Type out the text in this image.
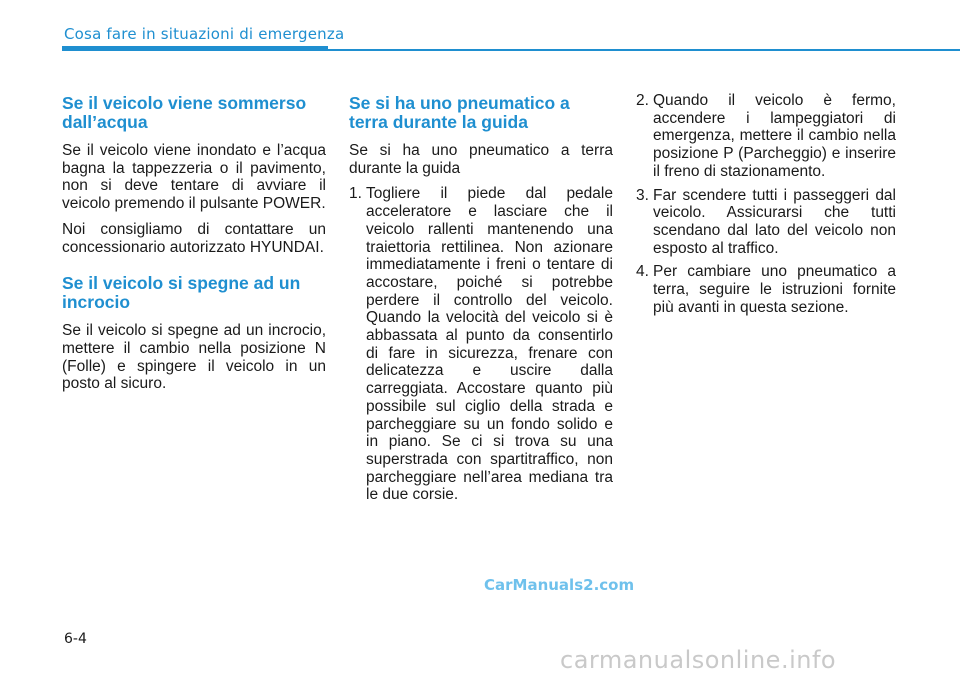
Cosa fare in situazioni di emergenza
Se il veicolo viene sommerso dall’acqua

Se il veicolo viene inondato e l’acqua bagna la tappezzeria o il pavimento, non si deve tentare di avviare il veicolo premendo il pulsante POWER.

Noi consigliamo di contattare un concessionario autorizzato HYUNDAI.

Se il veicolo si spegne ad un incrocio

Se il veicolo si spegne ad un incrocio, mettere il cambio nella posizione N (Folle) e spingere il veicolo in un posto al sicuro.

Se si ha uno pneumatico a terra durante la guida

Se si ha uno pneumatico a terra durante la guida

1. Togliere il piede dal pedale acceleratore e lasciare che il veicolo rallenti mantenendo una traiettoria rettilinea. Non azionare immediatamente i freni o tentare di accostare, poiché si potrebbe perdere il controllo del veicolo. Quando la velocità del veicolo si è abbassata al punto da consentirlo di fare in sicurezza, frenare con delicatezza e uscire dalla carreggiata. Accostare quanto più possibile sul ciglio della strada e parcheggiare su un fondo solido e in piano. Se ci si trova su una superstrada con spartitraffico, non parcheggiare nell’area mediana tra le due corsie.
2. Quando il veicolo è fermo, accendere i lampeggiatori di emergenza, mettere il cambio nella posizione P (Parcheggio) e inserire il freno di stazionamento.
3. Far scendere tutti i passeggeri dal veicolo. Assicurarsi che tutti scendano dal lato del veicolo non esposto al traffico.
4. Per cambiare uno pneumatico a terra, seguire le istruzioni fornite più avanti in questa sezione.
CarManuals2.com
6-4
carmanualsonline.info
